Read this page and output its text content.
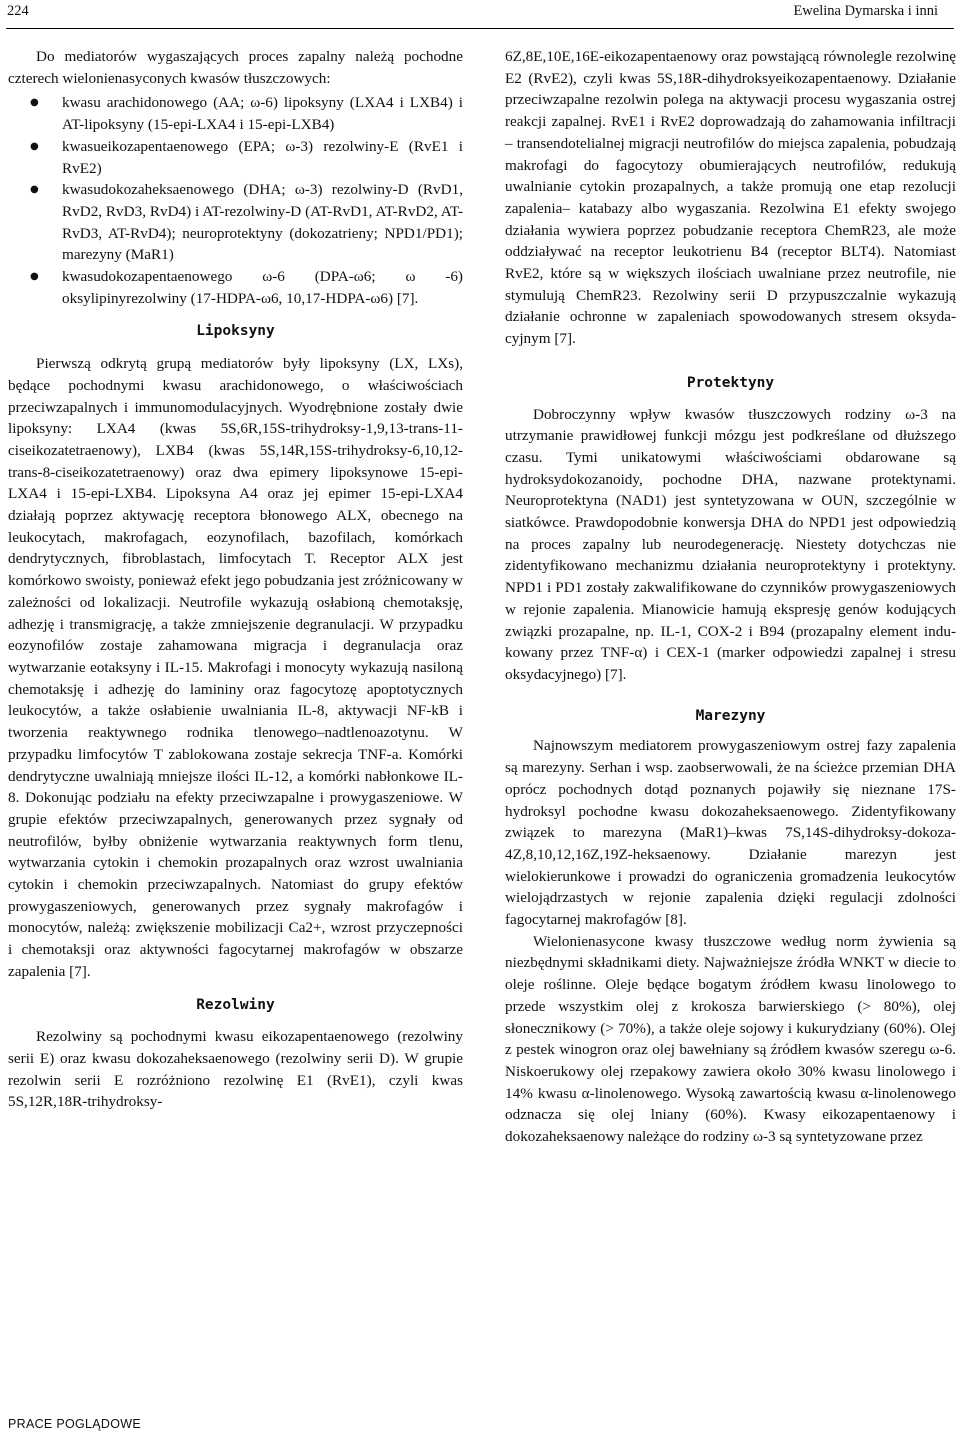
224	Ewelina Dymarska i inni

Do mediatorów wygaszających proces zapalny należą pochodne czterech wielonienasyconych kwasów tłuszczowych:

● kwasu arachidonowego (AA; ω-6) lipoksyny (LXA4 i LXB4) i AT-lipoksyny (15-epi-LXA4 i 15-epi-LXB4)
● kwasueikozapentaenowego (EPA; ω-3) rezolwiny-E (RvE1 i RvE2)
● kwasudokozaheksaenowego (DHA; ω-3) rezolwiny-D (RvD1, RvD2, RvD3, RvD4) i AT-rezolwiny-D (AT-RvD1, AT-RvD2, AT-RvD3, AT-RvD4); neuroprotektyny (dokozatrieny; NPD1/PD1); marezyny (MaR1)
● kwasudokozapentaenowego ω-6 (DPA-ω6; ω -6) oksylipinyrezolwiny (17-HDPA-ω6, 10,17-HDPA-ω6) [7].
Lipoksyny

Pierwszą odkrytą grupą mediatorów były lipoksyny (LX, LXs), będące pochodnymi kwasu arachidonowego, o właściwościach przeciwzapalnych i immunomodulacyjnych. Wyodrębnione zostały dwie lipoksyny: LXA4 (kwas 5S,6R,15S-trihydroksy-1,9,13-trans-11-ciseikozatetraenowy), LXB4 (kwas 5S,14R,15S-trihydroksy-6,10,12-trans-8-ciseikozatetraenowy) oraz dwa epimery lipoksynowe 15-epi-LXA4 i 15-epi-LXB4. Lipoksyna A4 oraz jej epimer 15-epi-LXA4 działają poprzez aktywację receptora błonowego ALX, obecnego na leukocytach, makrofagach, eozynofilach, bazofilach, komórkach dendrytycznych, fibroblastach, limfocytach T. Receptor ALX jest komórkowo swoisty, ponieważ efekt jego pobudzania jest zróżnicowany w zależności od lokalizacji. Neutrofile wykazują osłabioną chemotaksję, adhezję i transmigrację, a także zmniejszenie degranulacji. W przypadku eozynofilów zostaje zahamowana migracja i degranulacja oraz wytwarzanie eotaksyny i IL-15. Makrofagi i monocyty wykazują nasiloną chemotaksję i adhezję do lamininy oraz fagocytozę apoptotycznych leukocytów, a także osłabienie uwalniania IL-8, aktywacji NF-kB i tworzenia reaktywnego rodnika tlenowego–nadtlenoazotynu. W przypadku limfocytów T zablokowana zostaje sekrecja TNF-a. Komórki dendrytyczne uwalniają mniejsze ilości IL-12, a komórki nabłonkowe IL-8. Dokonując podziału na efekty przeciwzapalne i prowygaszeniowe. W grupie efektów przeciwzapalnych, generowanych przez sygnały od neutrofilów, byłby obniżenie wytwarzania reaktywnych form tlenu, wytwarzania cytokin i chemokin prozapalnych oraz wzrost uwalniania cytokin i chemokin przeciwzapalnych. Natomiast do grupy efektów prowygaszeniowych, generowanych przez sygnały makrofagów i monocytów, należą: zwiększenie mobilizacji Ca2+, wzrost przyczepności i chemotaksji oraz aktywności fagocytarnej makrofagów w obszarze zapalenia [7].

Rezolwiny

Rezolwiny są pochodnymi kwasu eikozapentaenowego (rezolwiny serii E) oraz kwasu dokozaheksaenowego (rezolwiny serii D). W grupie rezolwin serii E rozróżniono rezolwinę E1 (RvE1), czyli kwas 5S,12R,18R-trihydroksy-

6Z,8E,10E,16E-eikozapentaenowy oraz powstającą równolegle rezolwinę E2 (RvE2), czyli kwas 5S,18R-dihydroksyeikozapentaenowy. Działanie przeciwzapalne rezolwin polega na aktywacji procesu wygaszania ostrej reakcji zapalnej. RvE1 i RvE2 doprowadzają do zahamowania infiltracji – transendotelialnej migracji neutrofilów do miejsca zapalenia, pobudzają makrofagi do fagocytozy obumierających neutrofilów, redukują uwalnianie cytokin prozapalnych, a także promują one etap rezolucji zapalenia– katabazy albo wygaszania. Rezolwina E1 efekty swojego działania wywiera poprzez pobudzanie receptora ChemR23, ale może oddziaływać na receptor leukotrienu B4 (receptor BLT4). Natomiast RvE2, które są w większych ilościach uwalniane przez neutrofile, nie stymulują ChemR23. Rezolwiny serii D przypuszczalnie wykazują działanie ochronne w zapaleniach spowodowanych stresem oksydacyjnym [7].

Protektyny

Dobroczynny wpływ kwasów tłuszczowych rodziny ω-3 na utrzymanie prawidłowej funkcji mózgu jest podkreślane od dłuższego czasu. Tymi unikatowymi właściwościami obdarowane są hydroksydokozanoidy, pochodne DHA, nazwane protektynami. Neuroprotektyna (NAD1) jest syntetyzowana w OUN, szczególnie w siatkówce. Prawdopodobnie konwersja DHA do NPD1 jest odpowiedzią na proces zapalny lub neurodegenerację. Niestety dotychczas nie zidentyfikowano mechanizmu działania neuroprotektyny i protektyny. NPD1 i PD1 zostały zakwalifikowane do czynników prowygaszeniowych w rejonie zapalenia. Mianowicie hamują ekspresję genów kodujących związki prozapalne, np. IL-1, COX-2 i B94 (prozapalny element indukowany przez TNF-α) i CEX-1 (marker odpowiedzi zapalnej i stresu oksydacyjnego) [7].

Marezyny

Najnowszym mediatorem prowygaszeniowym ostrej fazy zapalenia są marezyny. Serhan i wsp. zaobserwowali, że na ścieżce przemian DHA oprócz pochodnych dotąd poznanych pojawiły się nieznane 17S-hydroksyl pochodne kwasu dokozaheksaenowego. Zidentyfikowany związek to marezyna (MaR1)–kwas 7S,14S-dihydroksy-dokoza-4Z,8,10,12,16Z,19Z-heksaenowy. Działanie marezyn jest wielokierunkowe i prowadzi do ograniczenia gromadzenia leukocytów wielojądrzastych w rejonie zapalenia dzięki regulacji zdolności fagocytarnej makrofagów [8].

Wielonienasycone kwasy tłuszczowe według norm żywienia są niezbędnymi składnikami diety. Najważniejsze źródła WNKT w diecie to oleje roślinne. Oleje będące bogatym źródłem kwasu linolowego to przede wszystkim olej z krokosza barwierskiego (> 80%), olej słonecznikowy (> 70%), a także oleje sojowy i kukurydziany (60%). Olej z pestek winogron oraz olej bawełniany są źródłem kwasów szeregu ω-6. Niskoerukowy olej rzepakowy zawiera około 30% kwasu linolowego i 14% kwasu α-linolenowego. Wysoką zawartością kwasu α-linolenowego odznacza się olej lniany (60%). Kwasy eikozapentaenowy i dokozaheksaenowy należące do rodziny ω-3 są syntetyzowane przez

PRACE POGLĄDOWE
